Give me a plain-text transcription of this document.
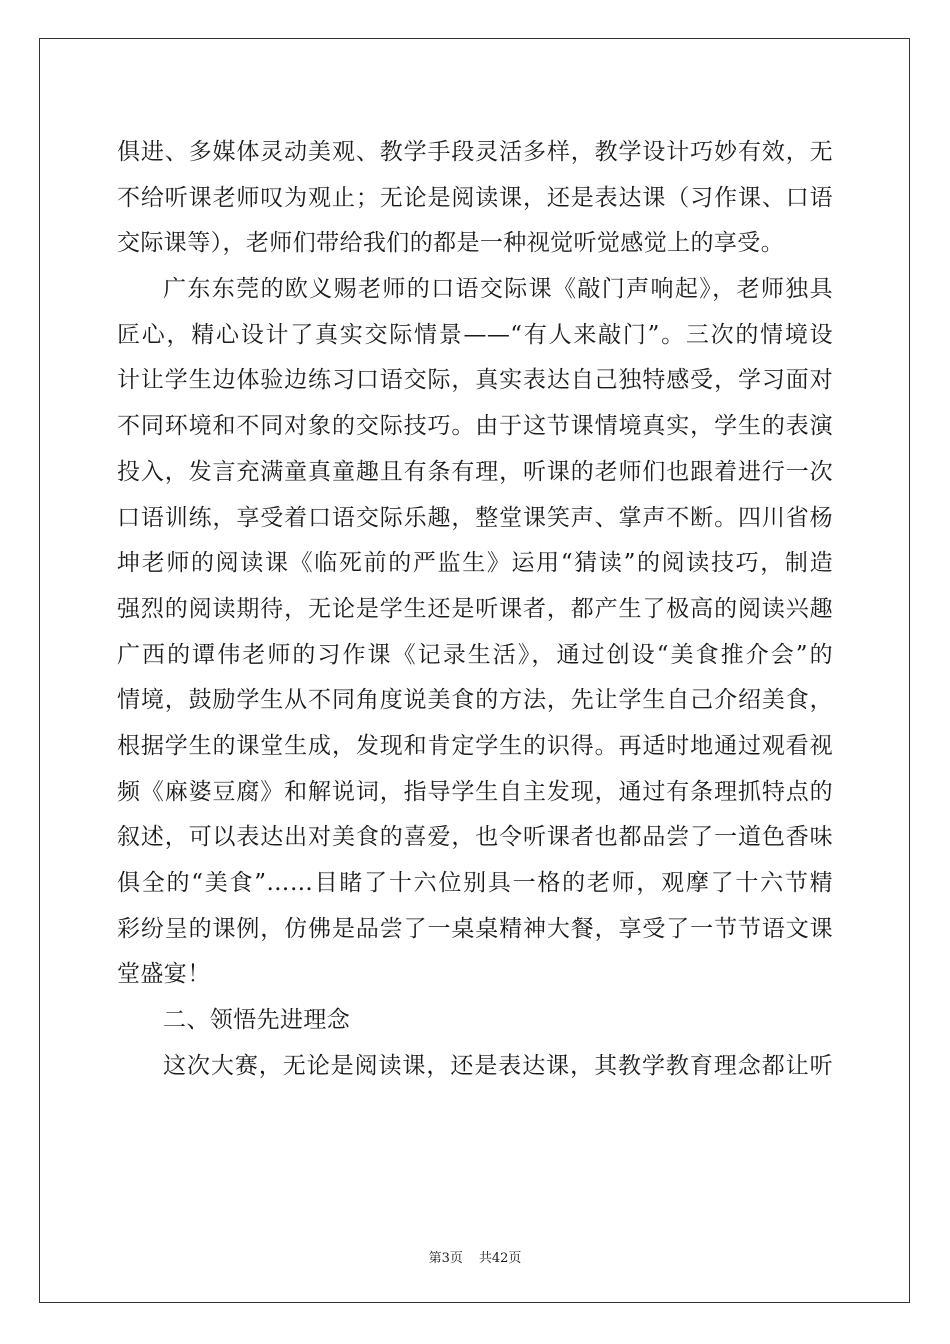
俱进、多媒体灵动美观、教学手段灵活多样，教学设计巧妙有效，无
不给听课老师叹为观止；无论是阅读课，还是表达课（习作课、口语
交际课等），老师们带给我们的都是一种视觉听觉感觉上的享受。
广东东莞的欧义赐老师的口语交际课《敲门声响起》，老师独具
匠心，精心设计了真实交际情景——“有人来敲门”。三次的情境设
计让学生边体验边练习口语交际，真实表达自己独特感受，学习面对
不同环境和不同对象的交际技巧。由于这节课情境真实，学生的表演
投入，发言充满童真童趣且有条有理，听课的老师们也跟着进行一次
口语训练，享受着口语交际乐趣，整堂课笑声、掌声不断。四川省杨
坤老师的阅读课《临死前的严监生》运用“猜读”的阅读技巧，制造
强烈的阅读期待，无论是学生还是听课者，都产生了极高的阅读兴趣
广西的谭伟老师的习作课《记录生活》，通过创设“美食推介会”的
情境，鼓励学生从不同角度说美食的方法，先让学生自己介绍美食，
根据学生的课堂生成，发现和肯定学生的识得。再适时地通过观看视
频《麻婆豆腐》和解说词，指导学生自主发现，通过有条理抓特点的
叙述，可以表达出对美食的喜爱，也令听课者也都品尝了一道色香味
俱全的“美食”……目睹了十六位别具一格的老师，观摩了十六节精
彩纷呈的课例，仿佛是品尝了一桌桌精神大餐，享受了一节节语文课
堂盛宴！
二、领悟先进理念
这次大赛，无论是阅读课，还是表达课，其教学教育理念都让听
第3页 共42页
